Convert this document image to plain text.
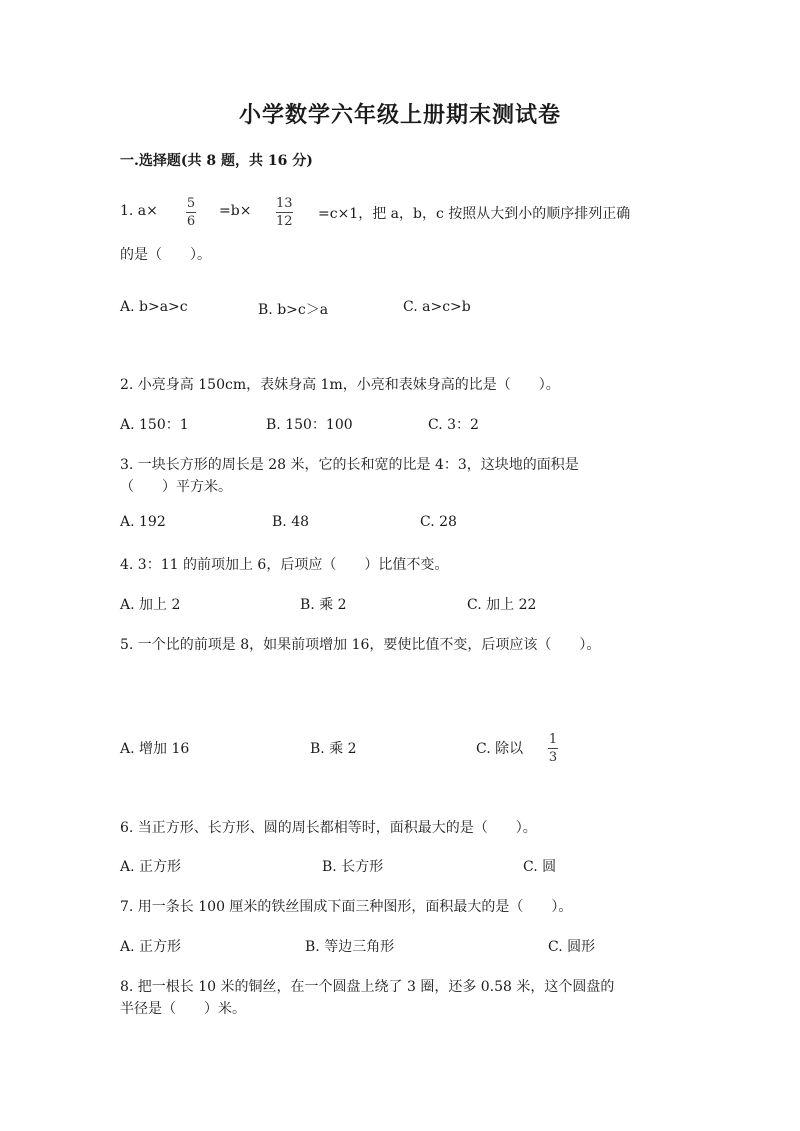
小学数学六年级上册期末测试卷
一.选择题(共 8 题，共 16 分)
1. a× 5
6
=b× 13
12 =c×1，把 a，b，c 按照从大到小的顺序排列正确
的是（　　）。
A. b>a>c	B. b>c＞a	C. a>c>b
2. 小亮身高 150cm，表妹身高 1m，小亮和表妹身高的比是（　　）。
A. 150：1	B. 150：100	C. 3：2
3. 一块长方形的周长是 28 米，它的长和宽的比是 4：3，这块地的面积是
（　　）平方米。
A. 192	B. 48	C. 28
4. 3：11 的前项加上 6，后项应（　　）比值不变。
A. 加上 2	B. 乘 2	C. 加上 22
5. 一个比的前项是 8，如果前项增加 16，要使比值不变，后项应该（　　）。
A. 增加 16	B. 乘 2	C. 除以
1
3
6. 当正方形、长方形、圆的周长都相等时，面积最大的是（　　）。
A. 正方形	B. 长方形	C. 圆
7. 用一条长 100 厘米的铁丝围成下面三种图形，面积最大的是（　　）。
A. 正方形	B. 等边三角形	C. 圆形
8. 把一根长 10 米的铜丝，在一个圆盘上绕了 3 圈，还多 0.58 米，这个圆盘的
半径是（　　）米。
